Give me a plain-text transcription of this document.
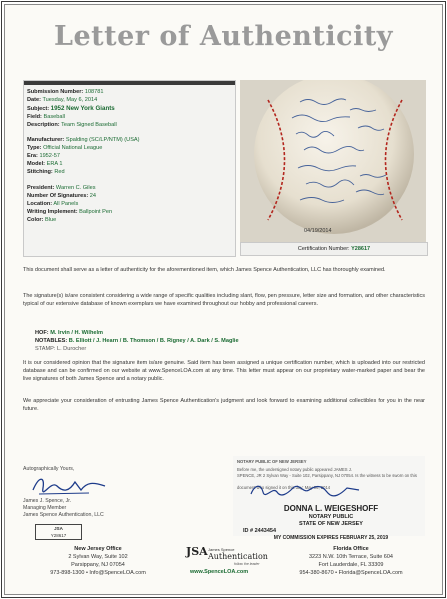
Letter of Authenticity
Submission Number: 108781
Date: Tuesday, May 6, 2014
Subject: 1952 New York Giants
Field: Baseball
Description: Team Signed Baseball
Manufacturer: Spalding (SC/LP/NTM) (USA)
Type: Official National League
Era: 1952-57
Model: ERA 1
Stitching: Red
President: Warren C. Giles
Number Of Signatures: 24
Location: All Panels
Writing Implement: Ballpoint Pen
Color: Blue
04/19/2014
Certification Number: Y28617
This document shall serve as a letter of authenticity for the aforementioned item, which James Spence Authentication, LLC has thoroughly examined.
The signature(s) is/are consistent considering a wide range of specific qualities including slant, flow, pen pressure, letter size and formation, and other characteristics typical of our extensive database of known exemplars we have examined throughout our hobby and professional careers.
HOF: M. Irvin / H. Wilhelm
NOTABLES: B. Elliott / J. Hearn / B. Thomson / B. Rigney / A. Dark / S. Maglie
STAMP: L. Durocher
It is our considered opinion that the signature item is/are genuine. Said item has been assigned a unique certification number, which is uploaded into our restricted database and can be confirmed on our website at www.SpenceLOA.com at any time. This letter must appear on our proprietary water-marked paper and bear the live signatures of both James Spence and a notary public.
We appreciate your consideration of entrusting James Spence Authentication's judgment and look forward to examining additional collectibles for you in the near future.
Autographically Yours,
James J. Spence, Jr.
Managing Member
James Spence Authentication, LLC
JSA
Y28617
NOTARY PUBLIC OF NEW JERSEY
Before me, the undersigned notary public appeared JAMES J.
SPENCE, JR 2 Sylvan Way - Suite 102, Parsippany, NJ 07054. Is the witness to be sworn on this
document who signed it on this day: May 06, 2014
DONNA L. WEIGESHOFF
NOTARY PUBLIC
STATE OF NEW JERSEY
ID # 2443454
MY COMMISSION EXPIRES FEBRUARY 25, 2019
New Jersey Office
2 Sylvan Way, Suite 102
Parsippany, NJ 07054
973-898-1300 • Info@SpenceLOA.com
JSA James Spence
Authentication
follow the leader
www.SpenceLOA.com
Florida Office
3223 N.W. 10th Terrace, Suite 604
Fort Lauderdale, FL 33309
954-380-8670 • Florida@SpenceLOA.com
